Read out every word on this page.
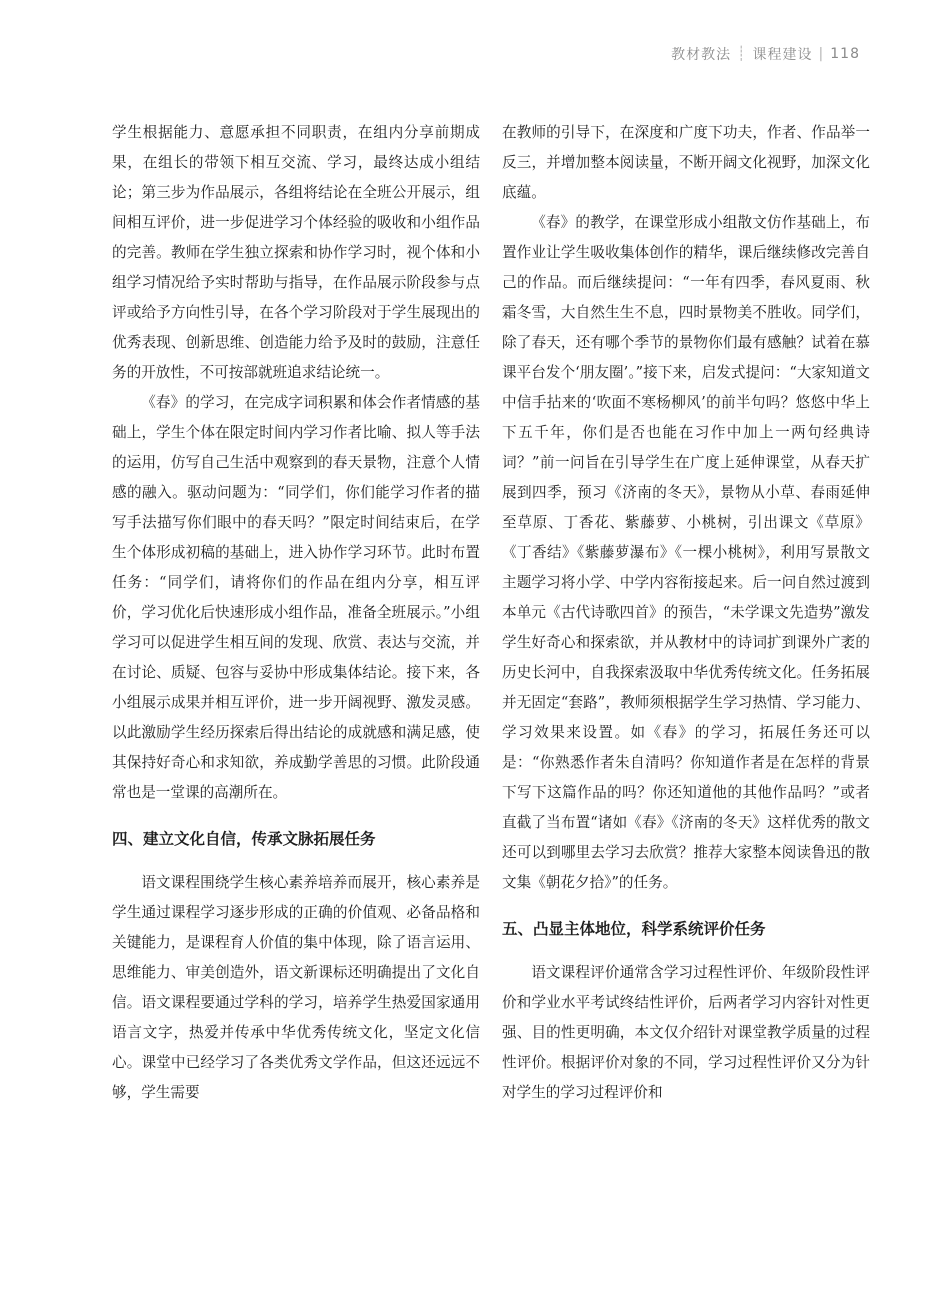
教材教法 ┊ 课程建设 | 118

学生根据能力、意愿承担不同职责，在组内分享前期成果，在组长的带领下相互交流、学习，最终达成小组结论；第三步为作品展示，各组将结论在全班公开展示，组间相互评价，进一步促进学习个体经验的吸收和小组作品的完善。教师在学生独立探索和协作学习时，视个体和小组学习情况给予实时帮助与指导，在作品展示阶段参与点评或给予方向性引导，在各个学习阶段对于学生展现出的优秀表现、创新思维、创造能力给予及时的鼓励，注意任务的开放性，不可按部就班追求结论统一。

《春》的学习，在完成字词积累和体会作者情感的基础上，学生个体在限定时间内学习作者比喻、拟人等手法的运用，仿写自己生活中观察到的春天景物，注意个人情感的融入。驱动问题为：“同学们，你们能学习作者的描写手法描写你们眼中的春天吗？”限定时间结束后，在学生个体形成初稿的基础上，进入协作学习环节。此时布置任务：“同学们，请将你们的作品在组内分享，相互评价，学习优化后快速形成小组作品，准备全班展示。”小组学习可以促进学生相互间的发现、欣赏、表达与交流，并在讨论、质疑、包容与妥协中形成集体结论。接下来，各小组展示成果并相互评价，进一步开阔视野、激发灵感。以此激励学生经历探索后得出结论的成就感和满足感，使其保持好奇心和求知欲，养成勤学善思的习惯。此阶段通常也是一堂课的高潮所在。

四、建立文化自信，传承文脉拓展任务

语文课程围绕学生核心素养培养而展开，核心素养是学生通过课程学习逐步形成的正确的价值观、必备品格和关键能力，是课程育人价值的集中体现，除了语言运用、思维能力、审美创造外，语文新课标还明确提出了文化自信。语文课程要通过学科的学习，培养学生热爱国家通用语言文字，热爱并传承中华优秀传统文化，坚定文化信心。课堂中已经学习了各类优秀文学作品，但这还远远不够，学生需要

在教师的引导下，在深度和广度下功夫，作者、作品举一反三，并增加整本阅读量，不断开阔文化视野，加深文化底蕴。

《春》的教学，在课堂形成小组散文仿作基础上，布置作业让学生吸收集体创作的精华，课后继续修改完善自己的作品。而后继续提问：“一年有四季，春风夏雨、秋霜冬雪，大自然生生不息，四时景物美不胜收。同学们，除了春天，还有哪个季节的景物你们最有感触？试着在慕课平台发个‘朋友圈’。”接下来，启发式提问：“大家知道文中信手拈来的‘吹面不寒杨柳风’的前半句吗？悠悠中华上下五千年，你们是否也能在习作中加上一两句经典诗词？”前一问旨在引导学生在广度上延伸课堂，从春天扩展到四季，预习《济南的冬天》，景物从小草、春雨延伸至草原、丁香花、紫藤萝、小桃树，引出课文《草原》《丁香结》《紫藤萝瀑布》《一棵小桃树》，利用写景散文主题学习将小学、中学内容衔接起来。后一问自然过渡到本单元《古代诗歌四首》的预告，“未学课文先造势”激发学生好奇心和探索欲，并从教材中的诗词扩到课外广袤的历史长河中，自我探索汲取中华优秀传统文化。任务拓展并无固定“套路”，教师须根据学生学习热情、学习能力、学习效果来设置。如《春》的学习，拓展任务还可以是：“你熟悉作者朱自清吗？你知道作者是在怎样的背景下写下这篇作品的吗？你还知道他的其他作品吗？”或者直截了当布置“诸如《春》《济南的冬天》这样优秀的散文还可以到哪里去学习去欣赏？推荐大家整本阅读鲁迅的散文集《朝花夕拾》”的任务。

五、凸显主体地位，科学系统评价任务

语文课程评价通常含学习过程性评价、年级阶段性评价和学业水平考试终结性评价，后两者学习内容针对性更强、目的性更明确，本文仅介绍针对课堂教学质量的过程性评价。根据评价对象的不同，学习过程性评价又分为针对学生的学习过程评价和
